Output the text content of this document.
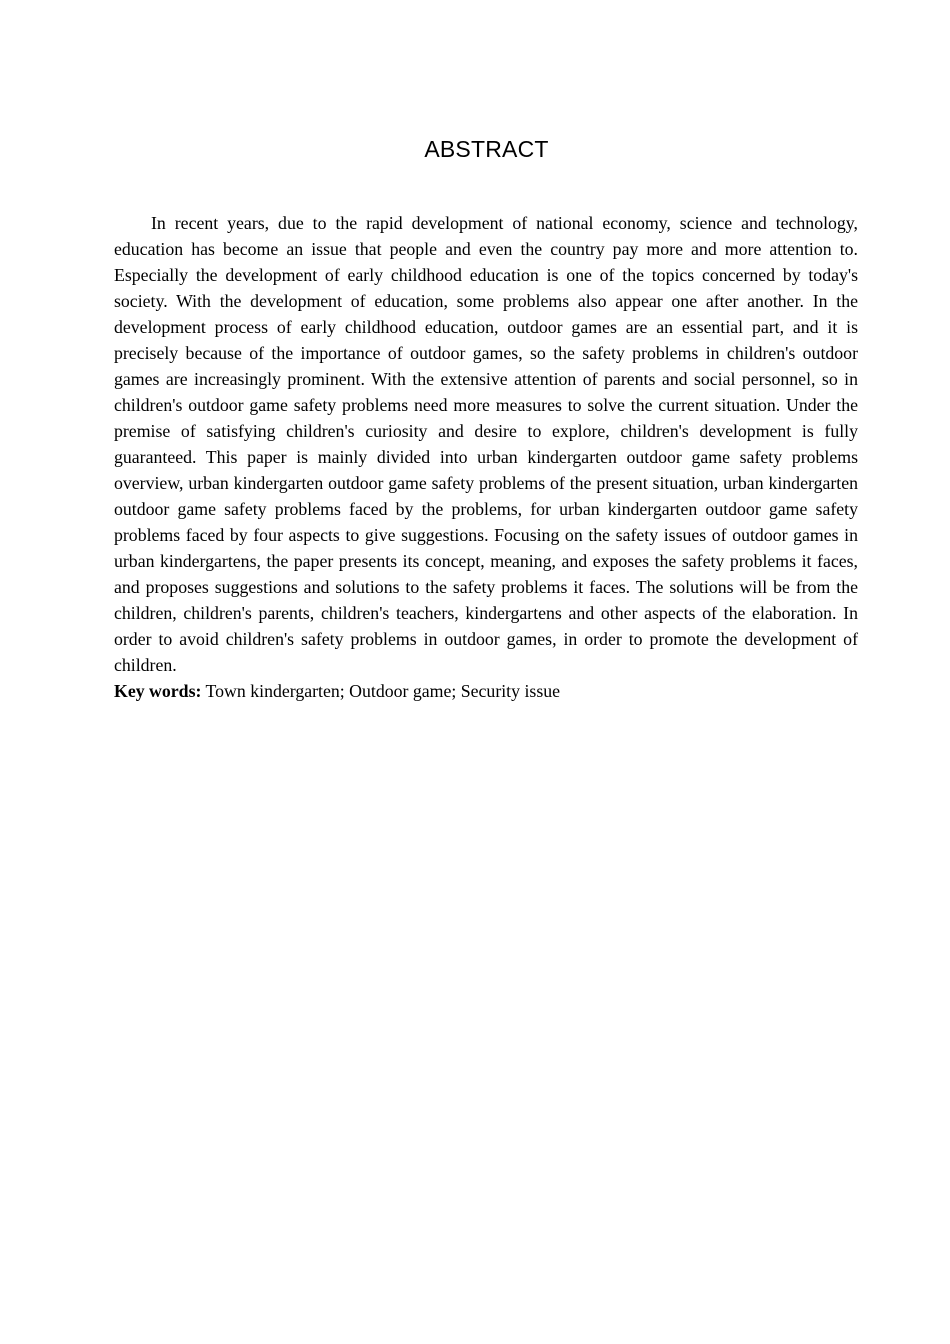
ABSTRACT

In recent years, due to the rapid development of national economy, science and technology, education has become an issue that people and even the country pay more and more attention to. Especially the development of early childhood education is one of the topics concerned by today's society. With the development of education, some problems also appear one after another. In the development process of early childhood education, outdoor games are an essential part, and it is precisely because of the importance of outdoor games, so the safety problems in children's outdoor games are increasingly prominent. With the extensive attention of parents and social personnel, so in children's outdoor game safety problems need more measures to solve the current situation. Under the premise of satisfying children's curiosity and desire to explore, children's development is fully guaranteed. This paper is mainly divided into urban kindergarten outdoor game safety problems overview, urban kindergarten outdoor game safety problems of the present situation, urban kindergarten outdoor game safety problems faced by the problems, for urban kindergarten outdoor game safety problems faced by four aspects to give suggestions. Focusing on the safety issues of outdoor games in urban kindergartens, the paper presents its concept, meaning, and exposes the safety problems it faces, and proposes suggestions and solutions to the safety problems it faces. The solutions will be from the children, children's parents, children's teachers, kindergartens and other aspects of the elaboration. In order to avoid children's safety problems in outdoor games, in order to promote the development of children.

Key words: Town kindergarten; Outdoor game; Security issue
